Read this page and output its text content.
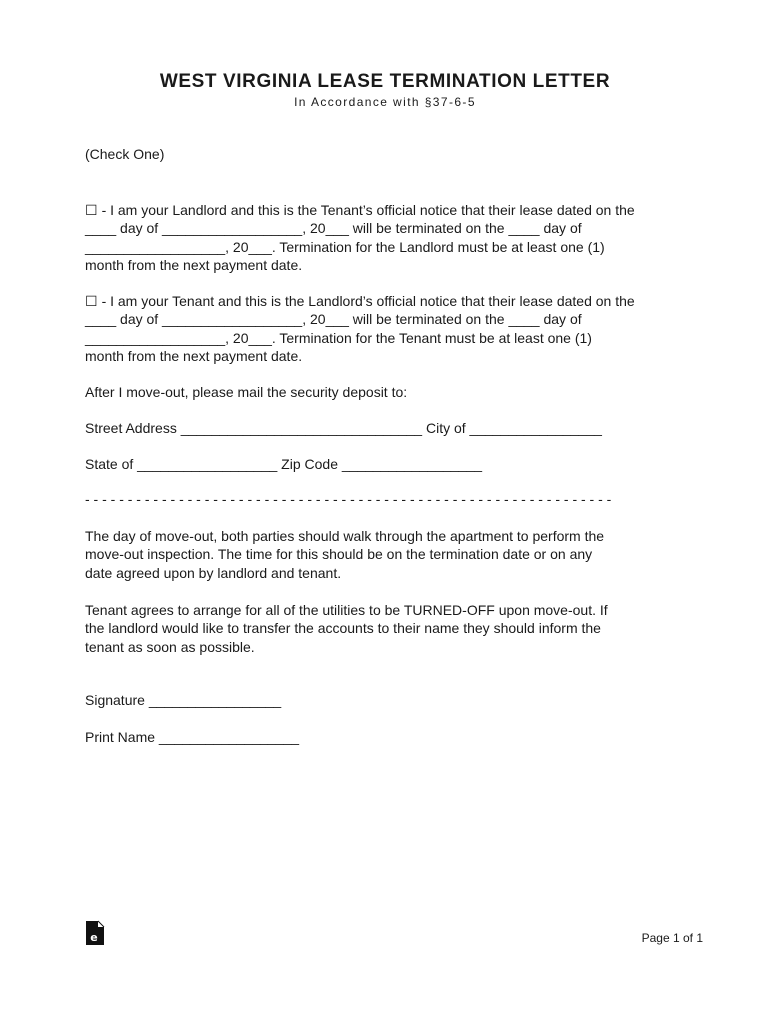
WEST VIRGINIA LEASE TERMINATION LETTER
In Accordance with §37-6-5
(Check One)
☐ - I am your Landlord and this is the Tenant’s official notice that their lease dated on the
____ day of __________________, 20___ will be terminated on the ____ day of
__________________, 20___. Termination for the Landlord must be at least one (1)
month from the next payment date.
☐ - I am your Tenant and this is the Landlord’s official notice that their lease dated on the
____ day of __________________, 20___ will be terminated on the ____ day of
__________________, 20___. Termination for the Tenant must be at least one (1)
month from the next payment date.
After I move-out, please mail the security deposit to:
Street Address _______________________________ City of _________________
State of __________________ Zip Code __________________
- - - - - - - - - - - - - - - - - - - - - - - - - - - - - - - - - - - - - - - - - - - - - - - - - - - - - - - - - - - - - -
The day of move-out, both parties should walk through the apartment to perform the
move-out inspection. The time for this should be on the termination date or on any
date agreed upon by landlord and tenant.
Tenant agrees to arrange for all of the utilities to be TURNED-OFF upon move-out. If
the landlord would like to transfer the accounts to their name they should inform the
tenant as soon as possible.
Signature _________________
Print Name __________________
e	Page 1 of 1
